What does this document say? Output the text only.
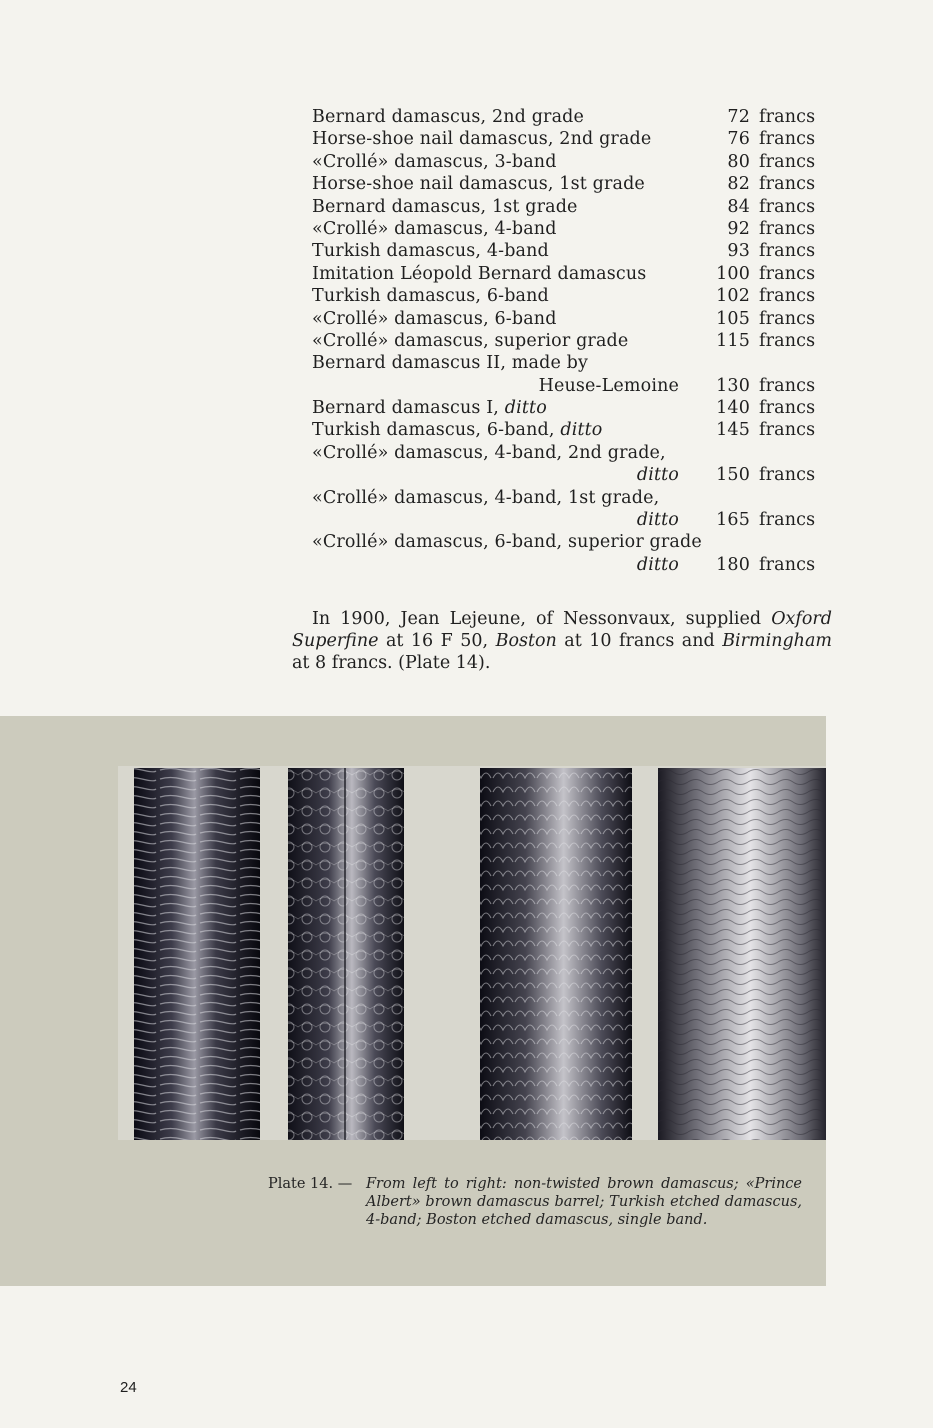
Bernard damascus, 2nd grade	72 francs
Horse-shoe nail damascus, 2nd grade	76 francs
«Crollé» damascus, 3-band	80 francs
Horse-shoe nail damascus, 1st grade	82 francs
Bernard damascus, 1st grade	84 francs
«Crollé» damascus, 4-band	92 francs
Turkish damascus, 4-band	93 francs
Imitation Léopold Bernard damascus	100 francs
Turkish damascus, 6-band	102 francs
«Crollé» damascus, 6-band	105 francs
«Crollé» damascus, superior grade	115 francs
Bernard damascus II, made by
Heuse-Lemoine	130 francs
Bernard damascus I, ditto	140 francs
Turkish damascus, 6-band, ditto	145 francs
«Crollé» damascus, 4-band, 2nd grade,
ditto	150 francs
«Crollé» damascus, 4-band, 1st grade,
ditto	165 francs
«Crollé» damascus, 6-band, superior grade
ditto	180 francs

In 1900, Jean Lejeune, of Nessonvaux, supplied Oxford Superfine at 16 F 50, Boston at 10 francs and Birmingham at 8 francs. (Plate 14).

Plate 14. — From left to right: non-twisted brown damascus; «Prince Albert» brown damascus barrel; Turkish etched damascus, 4-band; Boston etched damascus, single band.
24
